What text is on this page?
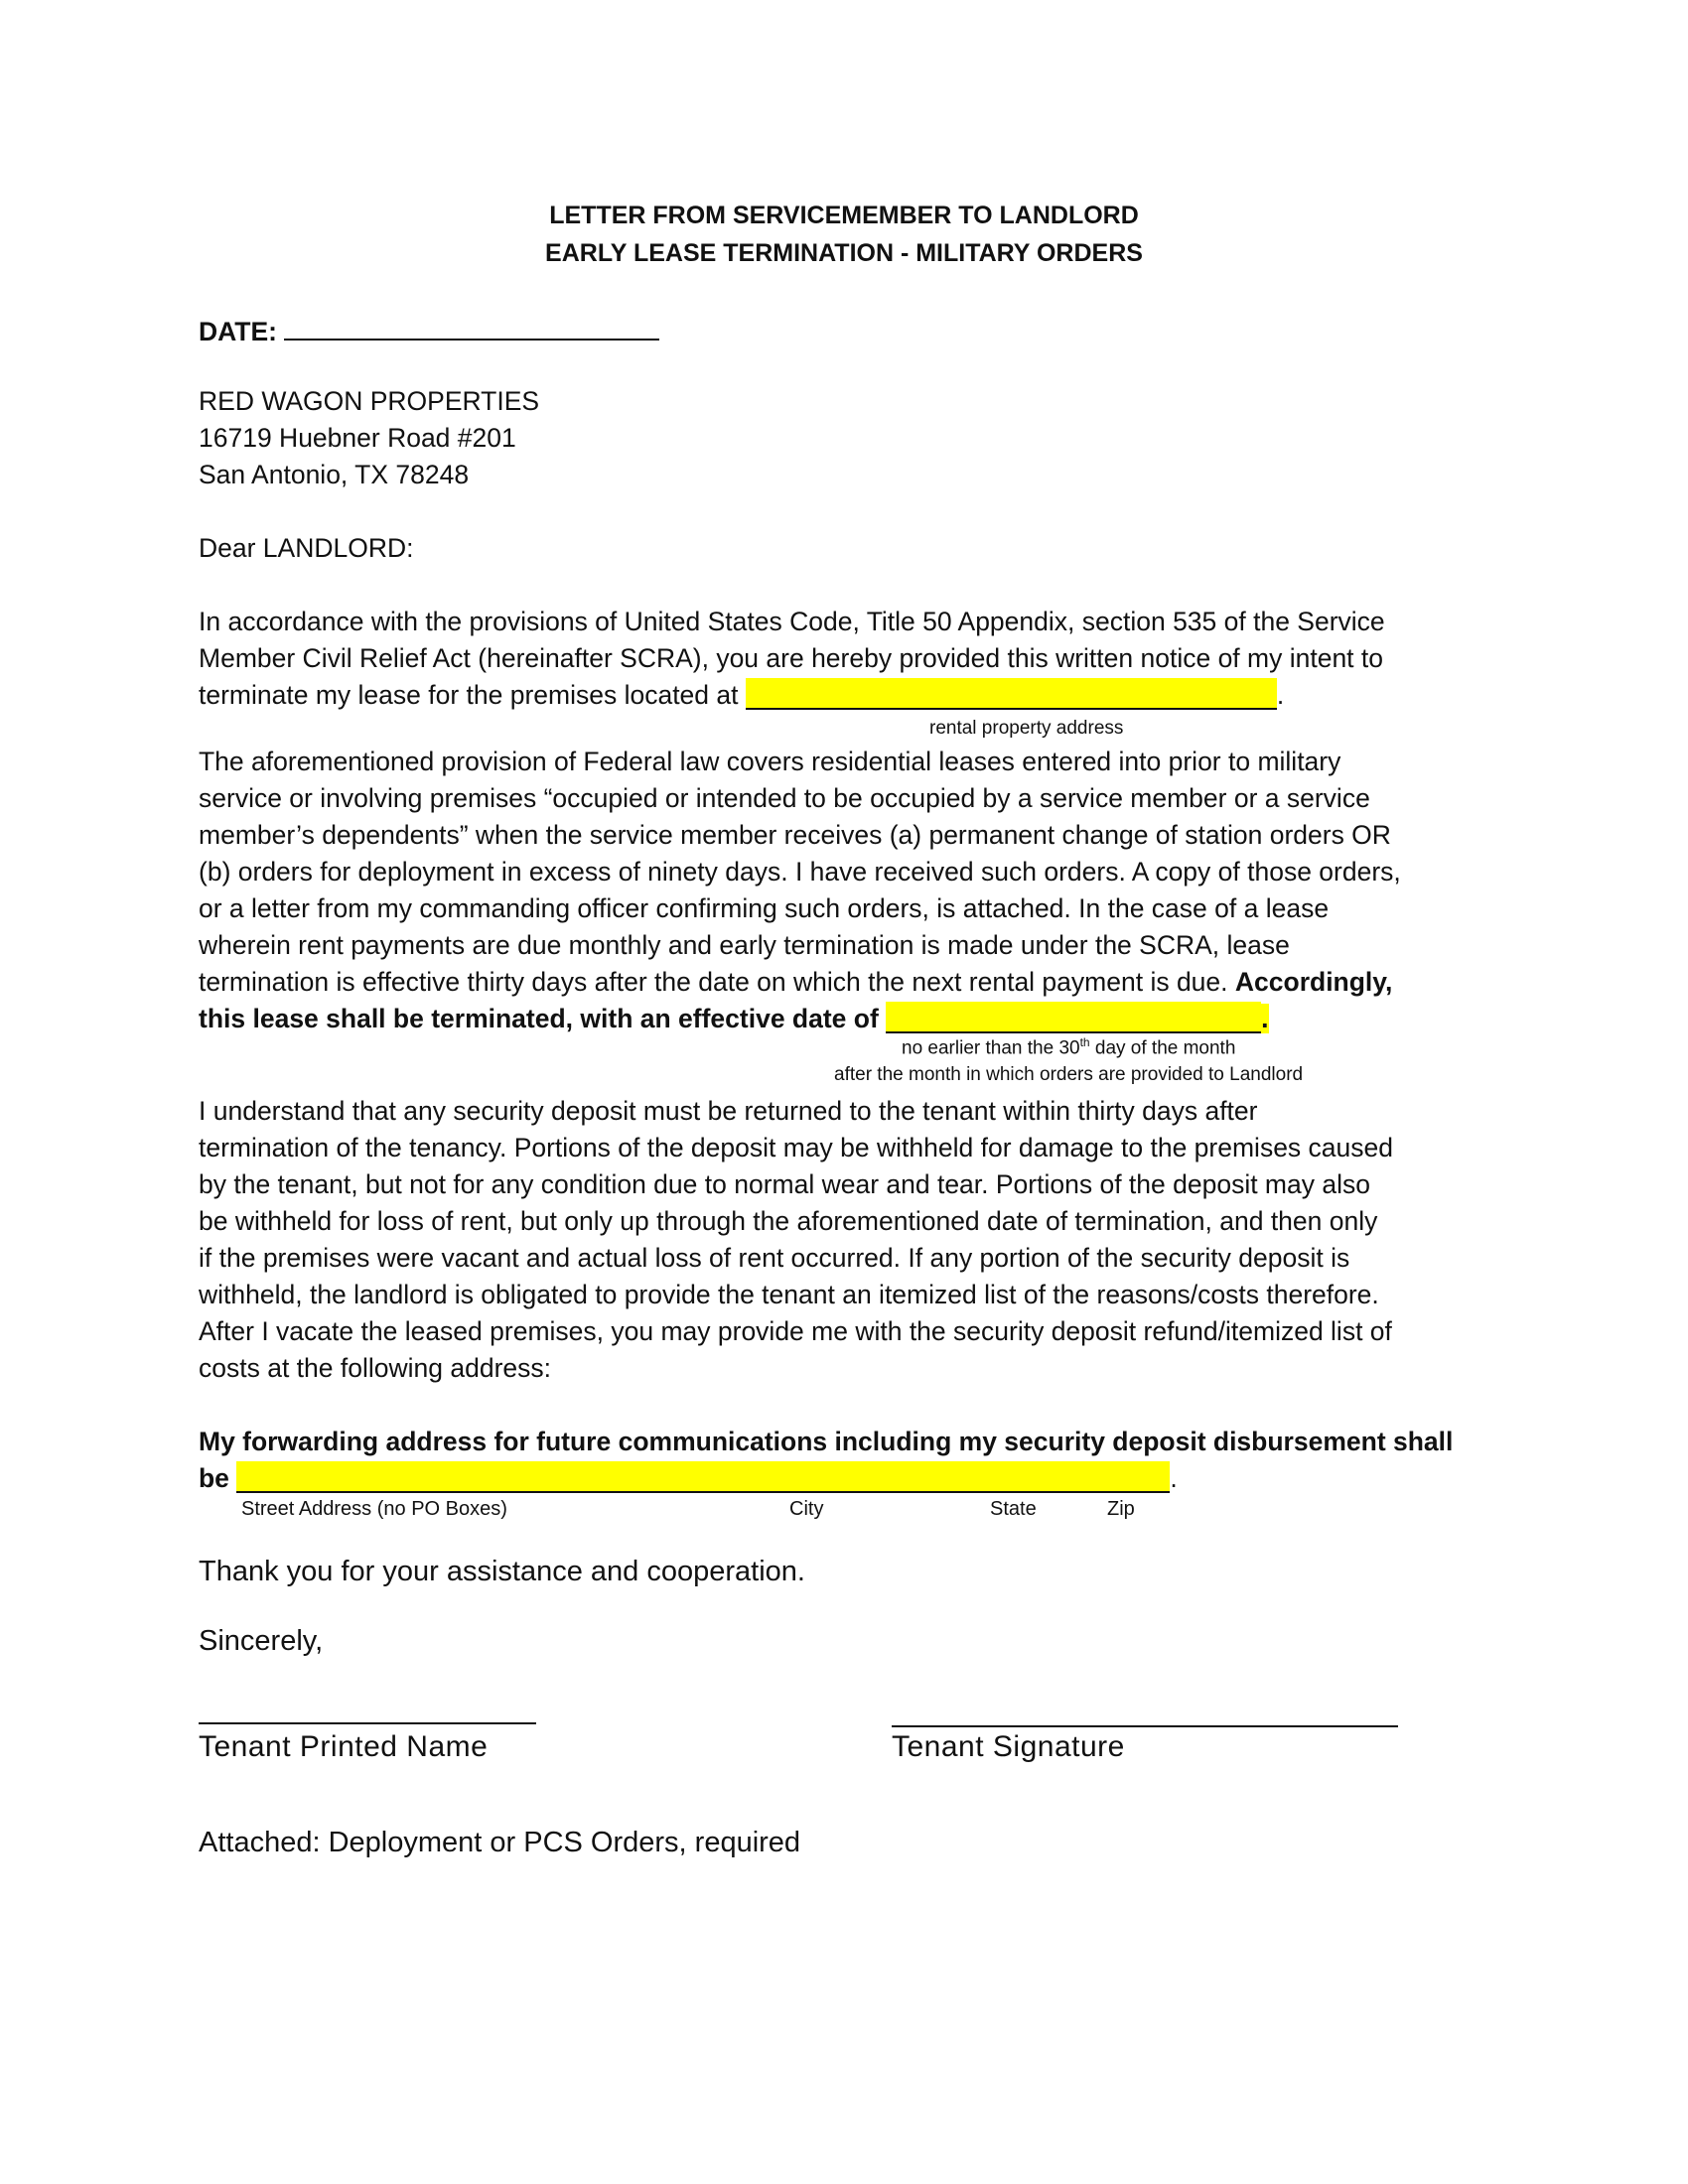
LETTER FROM SERVICEMEMBER TO LANDLORD
EARLY LEASE TERMINATION - MILITARY ORDERS
DATE:
RED WAGON PROPERTIES
16719 Huebner Road #201
San Antonio, TX 78248
Dear LANDLORD:
In accordance with the provisions of United States Code, Title 50 Appendix, section 535 of the Service
Member Civil Relief Act (hereinafter SCRA), you are hereby provided this written notice of my intent to
terminate my lease for the premises located at	.
rental property address
The aforementioned provision of Federal law covers residential leases entered into prior to military
service or involving premises “occupied or intended to be occupied by a service member or a service
member’s dependents” when the service member receives (a) permanent change of station orders OR
(b) orders for deployment in excess of ninety days. I have received such orders. A copy of those orders,
or a letter from my commanding officer confirming such orders, is attached. In the case of a lease
wherein rent payments are due monthly and early termination is made under the SCRA, lease
termination is effective thirty days after the date on which the next rental payment is due. Accordingly,
this lease shall be terminated, with an effective date of	.
no earlier than the 30th day of the month
after the month in which orders are provided to Landlord
I understand that any security deposit must be returned to the tenant within thirty days after
termination of the tenancy. Portions of the deposit may be withheld for damage to the premises caused
by the tenant, but not for any condition due to normal wear and tear. Portions of the deposit may also
be withheld for loss of rent, but only up through the aforementioned date of termination, and then only
if the premises were vacant and actual loss of rent occurred. If any portion of the security deposit is
withheld, the landlord is obligated to provide the tenant an itemized list of the reasons/costs therefore.
After I vacate the leased premises, you may provide me with the security deposit refund/itemized list of
costs at the following address:
My forwarding address for future communications including my security deposit disbursement shall
be	.
Street Address (no PO Boxes)	City	State	Zip
Thank you for your assistance and cooperation.
Sincerely,
Tenant Printed Name	Tenant Signature
Attached: Deployment or PCS Orders, required
